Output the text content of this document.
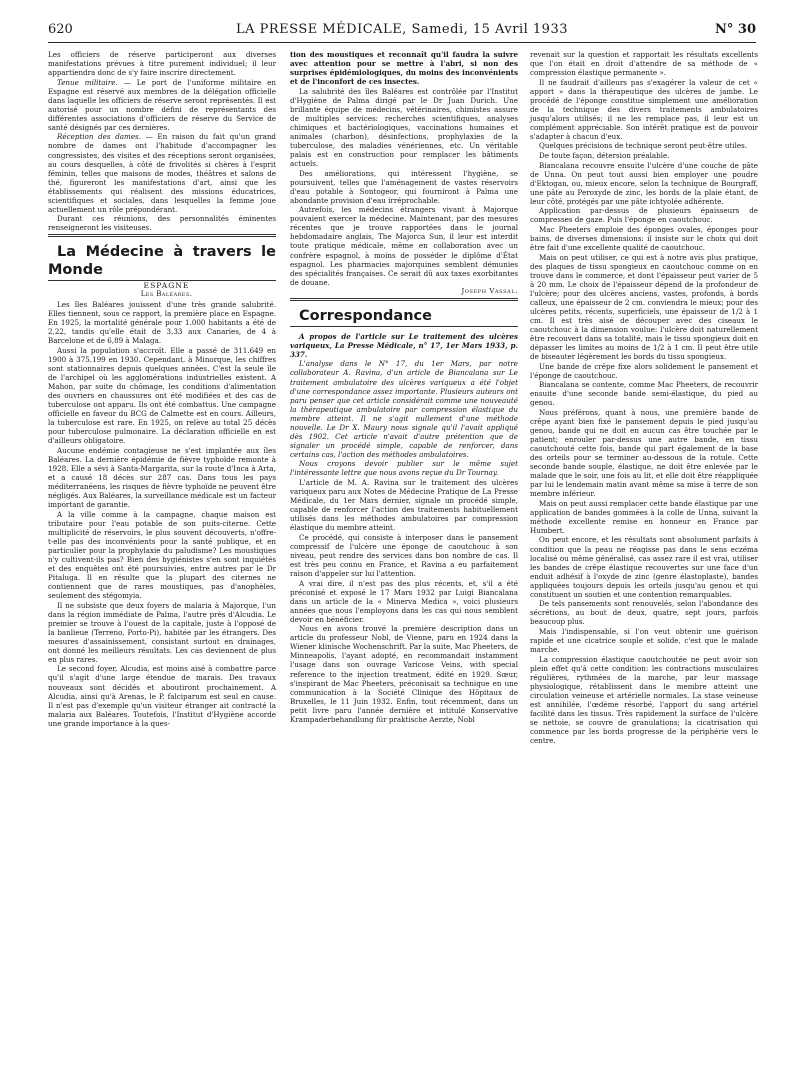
620	LA PRESSE MÉDICALE, Samedi, 15 Avril 1933	N° 30

Les officiers de réserve participeront aux diverses manifestations prévues à titre purement individuel; il leur appartiendra donc de s'y faire inscrire directement.

Tenue militaire. — Le port de l'uniforme militaire en Espagne est réservé aux membres de la délégation officielle dans laquelle les officiers de réserve seront représentés. Il est autorisé pour un nombre défini de représentants des différentes associations d'officiers de réserve du Service de santé désignés par ces dernières.

Réception des dames. — En raison du fait qu'un grand nombre de dames ont l'habitude d'accompagner les congressistes, des visites et des réceptions seront organisées, au cours desquelles, à côté de frivolités si chères à l'esprit féminin, telles que maisons de modes, théâtres et salons de thé, figureront les manifestations d'art, ainsi que les établissements qui réalisent des missions éducatrices, scientifiques et sociales, dans lesquelles la femme joue actuellement un rôle prépondérant.

Durant ces réunions, des personnalités éminentes renseigneront les visiteuses.

La Médecine à travers le Monde

ESPAGNE

Les Baléares.

Les îles Baléares jouissent d'une très grande salubrité. Elles tiennent, sous ce rapport, la première place en Espagne. En 1925, la mortalité générale pour 1.000 habitants a été de 2,22, tandis qu'elle était de 3,33 aux Canaries, de 4 à Barcelone et de 6,89 à Malaga.

Aussi la population s'accroît. Elle a passé de 311.649 en 1900 à 375.199 en 1930. Cependant, à Minorque, les chiffres sont stationnaires depuis quelques années. C'est la seule île de l'archipel où les agglomérations industrielles existent. A Mahon, par suite du chômage, les conditions d'alimentation des ouvriers en chaussures ont été modifiées et des cas de tuberculose ont apparu. Ils ont été combattus. Une campagne officielle en faveur du BCG de Calmette est en cours. Ailleurs, la tuberculose est rare. En 1925, on relève au total 25 décès pour tuberculose pulmonaire. La déclaration officielle en est d'ailleurs obligatoire.

Aucune endémie contagieuse ne s'est implantée aux îles Baléares. La dernière épidémie de fièvre typhoïde remonte à 1928. Elle a sévi à Santa-Margarita, sur la route d'Inca à Arta, et a causé 18 décès sur 287 cas. Dans tous les pays méditerranéens, les risques de fièvre typhoïde ne peuvent être négligés. Aux Baléares, la surveillance médicale est un facteur important de garantie.

A la ville comme à la campagne, chaque maison est tributaire pour l'eau potable de son puits-citerne. Cette multiplicité de réservoirs, le plus souvent découverts, n'offre-t-elle pas des inconvénients pour la santé publique, et en particulier pour la prophylaxie du paludisme? Les moustiques n'y cultivent-ils pas? Bien des hygiénistes s'en sont inquiétés et des enquêtes ont été poursuivies, entre autres par le Dr Pitaluga. Il en résulte que la plupart des citernes ne contiennent que de rares moustiques, pas d'anophèles, seulement des stégomyia.

Il ne subsiste que deux foyers de malaria à Majorque, l'un dans la région immédiate de Palma, l'autre près d'Alcudia. Le premier se trouve à l'ouest de la capitale, juste à l'opposé de la banlieue (Terreno, Porto-Pi), habitée par les étrangers. Des mesures d'assainissement, consistant surtout en drainages, ont donné les meilleurs résultats. Les cas deviennent de plus en plus rares.

Le second foyer, Alcudia, est moins aisé à combattre parce qu'il s'agit d'une large étendue de marais. Des travaux nouveaux sont décidés et aboutiront prochainement. A Alcudia, ainsi qu'à Arenas, le P. falciparum est seul en cause. Il n'est pas d'exemple qu'un visiteur étranger ait contracté la malaria aux Baléares. Toutefois, l'Institut d'Hygiène accorde une grande importance à la ques-

tion des moustiques et reconnaît qu'il faudra la suivre avec attention pour se mettre à l'abri, si non des surprises épidémiologiques, du moins des inconvénients et de l'inconfort de ces insectes.

La salubrité des îles Baléares est contrôlée par l'Institut d'Hygiène de Palma dirigé par le Dr Juan Durich. Une brillante équipe de médecins, vétérinaires, chimistes assure de multiples services: recherches scientifiques, analyses chimiques et bactériologiques, vaccinations humaines et animales (charbon), désinfections, prophylaxies de la tuberculose, des maladies vénériennes, etc. Un véritable palais est en construction pour remplacer les bâtiments actuels.

Des améliorations, qui intéressent l'hygiène, se poursuivent, telles que l'aménagement de vastes réservoirs d'eau potable à Sontogeor, qui fourniront à Palma une abondante provision d'eau irréprochable.

Autrefois, les médecins étrangers vivant à Majorque pouvaient exercer la médecine. Maintenant, par des mesures récentes que je trouve rapportées dans le journal hebdomadaire anglais, The Majorca Sun, il leur est interdit toute pratique médicale, même en collaboration avec un confrère espagnol, à moins de posséder le diplôme d'État espagnol. Les pharmacies majorquines semblent démunies des spécialités françaises. Ce serait dû aux taxes exorbitantes de douane.

Joseph Vassal.

Correspondance

A propos de l'article sur Le traitement des ulcères variqueux, La Presse Médicale, n° 17, 1er Mars 1933, p. 337.

L'analyse dans le N° 17, du 1er Mars, par notre collaborateur A. Ravina, d'un article de Biancalana sur Le traitement ambulatoire des ulcères variqueux a été l'objet d'une correspondance assez importante. Plusieurs auteurs ont paru penser que cet article considérait comme une nouveauté la thérapeutique ambulatoire par compression élastique du membre atteint. Il ne s'agit nullement d'une méthode nouvelle. Le Dr X. Maury nous signale qu'il l'avait appliqué dès 1902. Cet article n'avait d'autre prétention que de signaler un procédé simple, capable de renforcer, dans certains cas, l'action des méthodes ambulatoires.

Nous croyons devoir publier sur le même sujet l'intéressante lettre que nous avons reçue du Dr Tournay.

L'article de M. A. Ravina sur le traitement des ulcères variqueux paru aux Notes de Médecine Pratique de La Presse Médicale, du 1er Mars dernier, signale un procédé simple, capable de renforcer l'action des traitements habituellement utilisés dans les méthodes ambulatoires par compression élastique du membre atteint.

Ce procédé, qui consiste à interposer dans le pansement compressif de l'ulcère une éponge de caoutchouc à son niveau, peut rendre des services dans bon nombre de cas. Il est très peu connu en France, et Ravina a eu parfaitement raison d'appeler sur lui l'attention.

A vrai dire, il n'est pas des plus récents, et, s'il a été préconisé et exposé le 17 Mars 1932 par Luigi Biancalana dans un article de la « Minerva Medica », voici plusieurs années que nous l'employons dans les cas qui nous semblent devoir en bénéficier.

Nous en avons trouvé la première description dans un article du professeur Nobl, de Vienne, paru en 1924 dans la Wiener klinische Wochenschrift. Par la suite, Mac Pheeters, de Minneapolis, l'ayant adopté, en recommandait instamment l'usage dans son ouvrage Varicose Veins, with special reference to the injection treatment, édité en 1929. Sœur, s'inspirant de Mac Pheeters, préconisait sa technique en une communication à la Société Clinique des Hôpitaux de Bruxelles, le 11 Juin 1932. Enfin, tout récemment, dans un petit livre paru l'année dernière et intitulé Konservative Krampaderbehandlung für praktische Aerzte, Nobl

revenait sur la question et rapportait les résultats excellents que l'on était en droit d'attendre de sa méthode de « compression élastique permanente ».

Il ne faudrait d'ailleurs pas s'exagérer la valeur de cet « apport » dans la thérapeutique des ulcères de jambe. Le procédé de l'éponge constitue simplement une amélioration de la technique des divers traitements ambulatoires jusqu'alors utilisés; il ne les remplace pas, il leur est un complément appréciable. Son intérêt pratique est de pouvoir s'adapter à chacun d'eux.

Quelques précisions de technique seront peut-être utiles.

De toute façon, détersion préalable.

Biancalana recouvre ensuite l'ulcère d'une couche de pâte de Unna. On peut tout aussi bien employer une poudre d'Ektogan, ou, mieux encore, selon la technique de Bourgraff, une pâte au Peroxyde de zinc, les bords de la plaie étant, de leur côté, protégés par une pâte ichtyolée adhérente.

Application par-dessus de plusieurs épaisseurs de compresses de gaze. Puis l'éponge en caoutchouc.

Mac Pheeters emploie des éponges ovales, éponges pour bains, de diverses dimensions: il insiste sur le choix qui doit être fait d'une excellente qualité de caoutchouc.

Mais on peut utiliser, ce qui est à notre avis plus pratique, des plaques de tissu spongieux en caoutchouc comme on en trouve dans le commerce, et dont l'épaisseur peut varier de 5 à 20 mm. Le choix de l'épaisseur dépend de la profondeur de l'ulcère; pour des ulcères anciens, vastes, profonds, à bords calleux, une épaisseur de 2 cm. conviendra le mieux; pour des ulcères petits, récents, superficiels, une épaisseur de 1/2 à 1 cm. Il est très aisé de découper avec des ciseaux le caoutchouc à la dimension voulue: l'ulcère doit naturellement être recouvert dans sa totalité, mais le tissu spongieux doit en dépasser les limites au moins de 1/2 à 1 cm. Il peut être utile de biseauter légèrement les bords du tissu spongieux.

Une bande de crêpe fixe alors solidement le pansement et l'éponge de caoutchouc.

Biancalana se contente, comme Mac Pheeters, de recouvrir ensuite d'une seconde bande semi-élastique, du pied au genou.

Nous préférons, quant à nous, une première bande de crêpe ayant bien fixé le pansement depuis le pied jusqu'au genou, bande qui ne doit en aucun cas être touchée par le patient; enrouler par-dessus une autre bande, en tissu caoutchouté cette fois, bande qui part également de la base des orteils pour se terminer au-dessous de la rotule. Cette seconde bande souple, élastique, ne doit être enlevée par le malade que le soir, une fois au lit, et elle doit être réappliquée par lui le lendemain matin avant même sa mise à terre de son membre inférieur.

Mais on peut aussi remplacer cette bande élastique par une application de bandes gommées à la colle de Unna, suivant la méthode excellente remise en honneur en France par Humbert.

On peut encore, et les résultats sont absolument parfaits à condition que la peau ne réagisse pas dans le sens eczéma localisé ou même généralisé, cas assez rare il est vrai, utiliser les bandes de crêpe élastique recouvertes sur une face d'un enduit adhésif à l'oxyde de zinc (genre élastoplaste), bandes appliquées toujours depuis les orteils jusqu'au genou et qui constituent un soutien et une contention remarquables.

De tels pansements sont renouvelés, selon l'abondance des sécrétions, au bout de deux, quatre, sept jours, parfois beaucoup plus.

Mais l'indispensable, si l'on veut obtenir une guérison rapide et une cicatrice souple et solide, c'est que le malade marche.

La compression élastique caoutchoutée ne peut avoir son plein effet qu'à cette condition: les contractions musculaires régulières, rythmées de la marche, par leur massage physiologique, rétablissent dans le membre atteint une circulation veineuse et artérielle normales. La stase veineuse est annihilée, l'œdème résorbé, l'apport du sang artériel facilité dans les tissus. Très rapidement la surface de l'ulcère se nettoie, se couvre de granulations; la cicatrisation qui commence par les bords progresse de la périphérie vers le centre.
